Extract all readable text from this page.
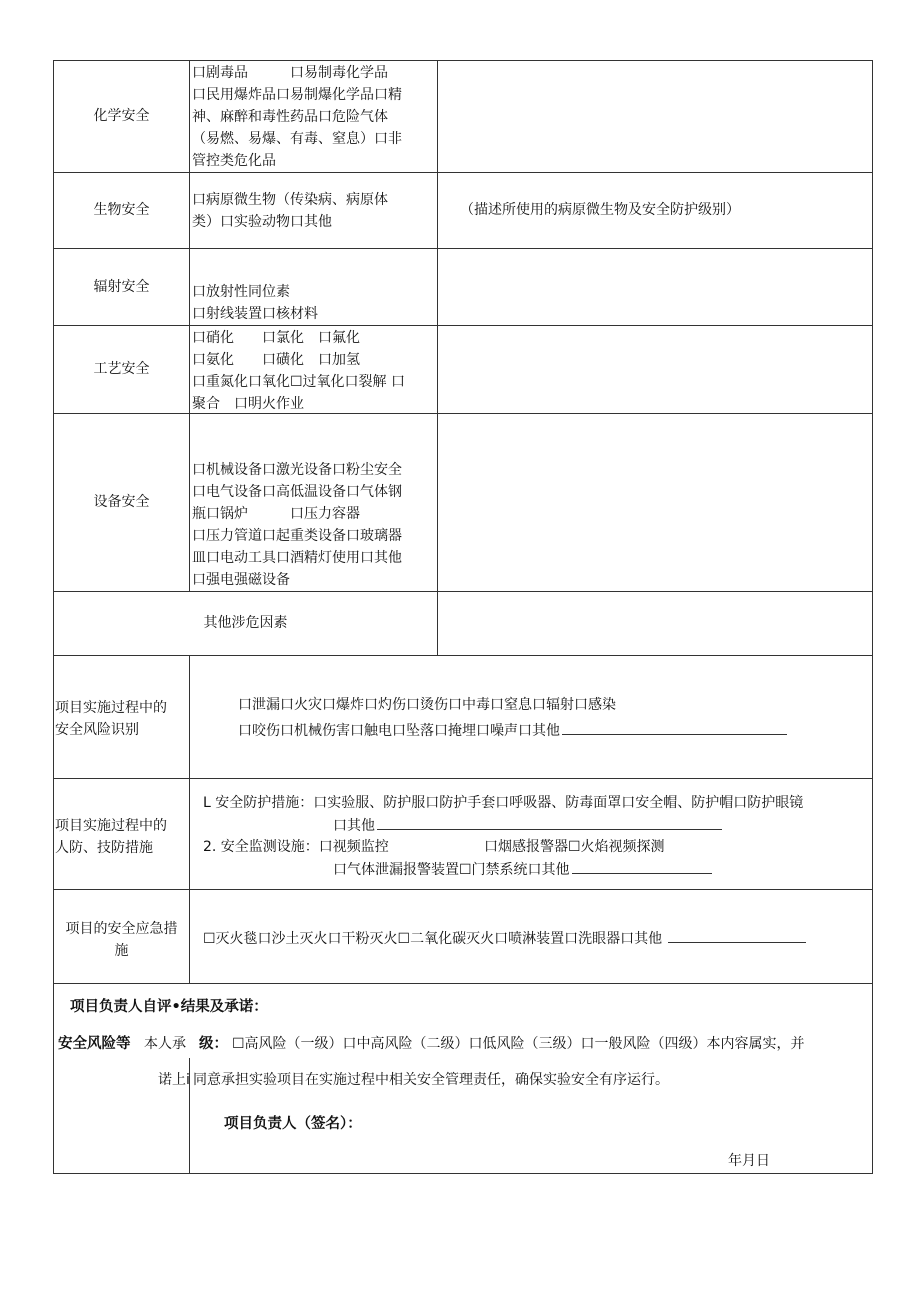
化学安全
口剧毒品　　　口易制毒化学品
口民用爆炸品口易制爆化学品口精
神、麻醉和毒性药品口危险气体
（易燃、易爆、有毒、窒息）口非
管控类危化品
生物安全
口病原微生物（传染病、病原体
类）口实验动物口其他
（描述所使用的病原微生物及安全防护级别）
辐射安全	口放射性同位素
口射线装置口核材料
工艺安全
口硝化　　口氯化　口氟化
口氨化　　口磺化　口加氢
口重氮化口氧化☐过氧化口裂解 口
聚合　口明火作业
设备安全
口机械设备口激光设备口粉尘安全
口电气设备口高低温设备口气体钢
瓶口锅炉　　　口压力容器
口压力管道口起重类设备口玻璃器
皿口电动工具口酒精灯使用口其他
口强电强磁设备
其他涉危因素
项目实施过程中的
安全风险识别
口泄漏口火灾口爆炸口灼伤口烫伤口中毒口窒息口辐射口感染
口咬伤口机械伤害口触电口坠落口掩埋口噪声口其他
项目实施过程中的
人防、技防措施
L 安全防护措施：口实验服、防护服口防护手套口呼吸器、防毒面罩口安全帽、防护帽口防护眼镜
口其他
2. 安全监测设施：口视频监控	口烟感报警器☐火焰视频探测
口气体泄漏报警装置☐门禁系统口其他
项目的安全应急措
施
☐灭火毯口沙土灭火口干粉灭火☐二氧化碳灭火口喷淋装置口洗眼器口其他
项目负责人自评•结果及承诺：
安全风险等 本人承 级： ☐高风险（一级）口中高风险（二级）口低风险（三级）口一般风险（四级）本内容属实，并
诺上 i 同意承担实验项目在实施过程中相关安全管理责任，确保实验安全有序运行。
项目负责人（签名）：
年月日
